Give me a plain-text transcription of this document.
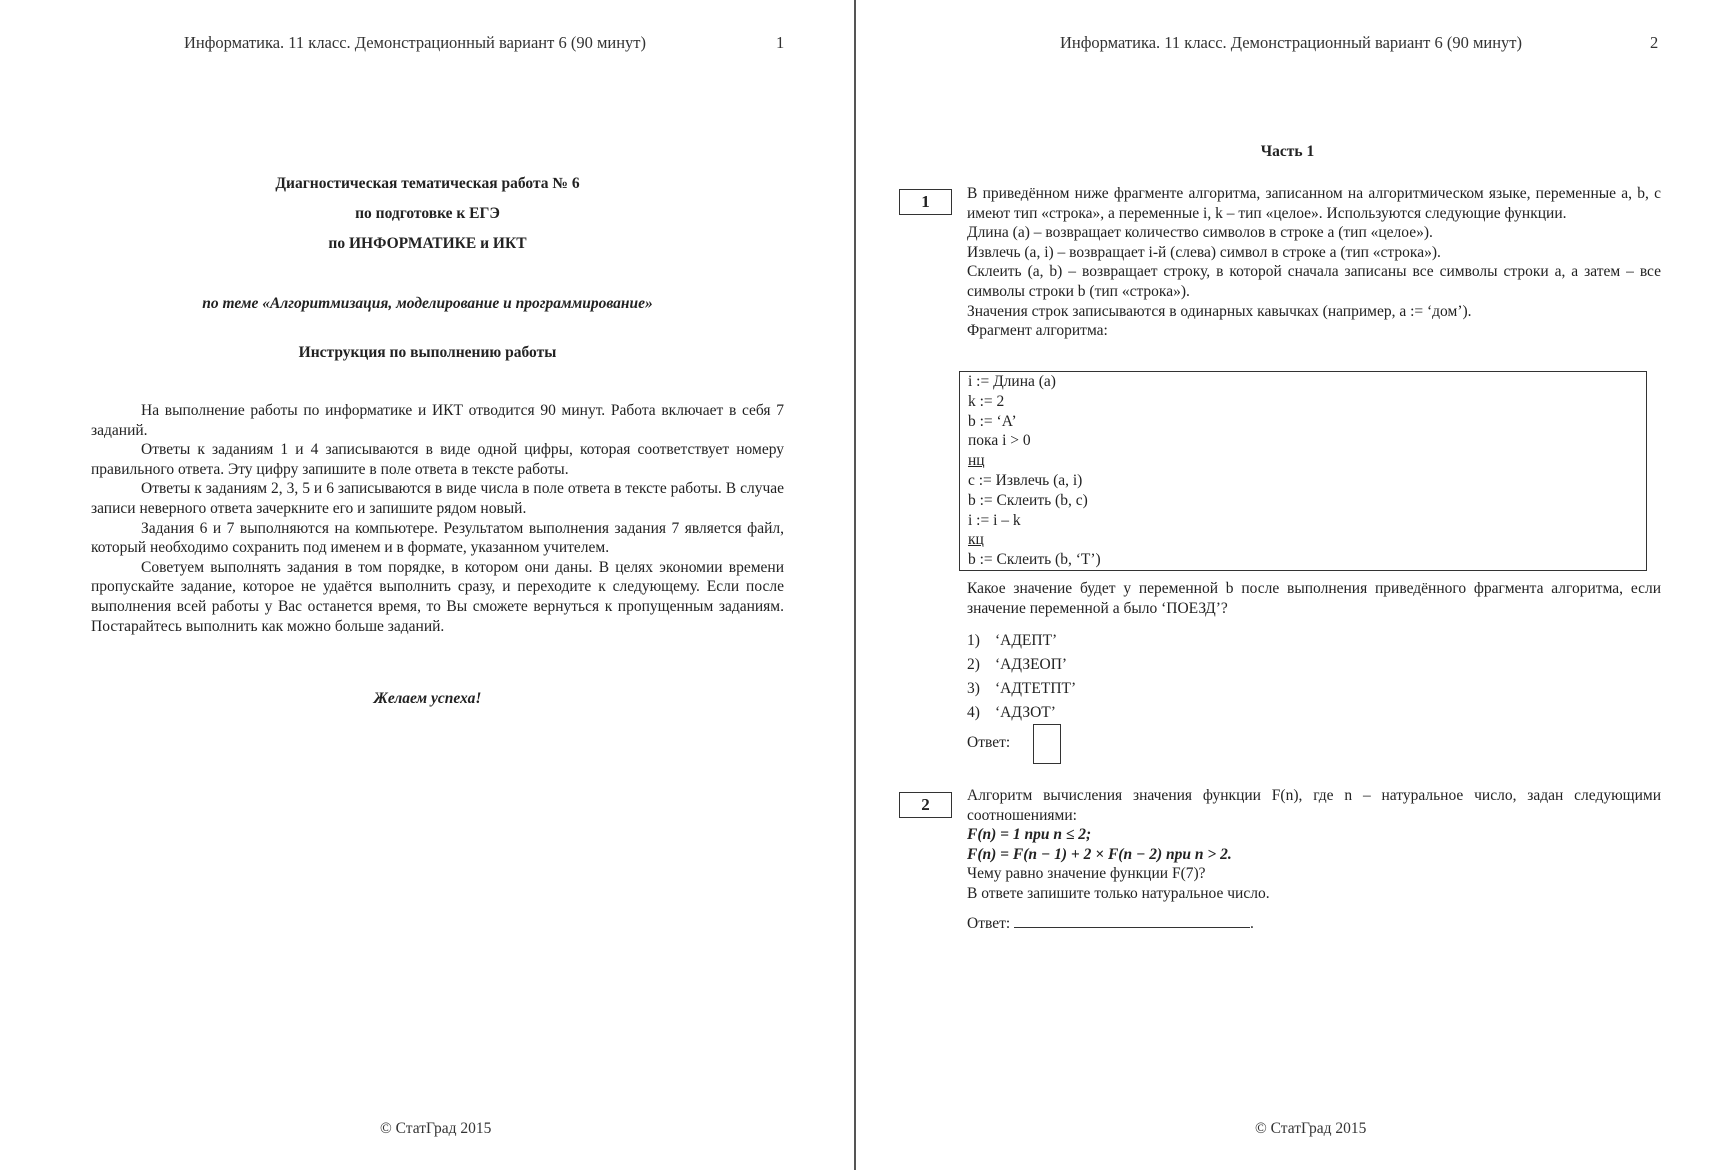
Информатика. 11 класс. Демонстрационный вариант 6 (90 минут)	1
Диагностическая тематическая работа № 6
по подготовке к ЕГЭ
по ИНФОРМАТИКЕ и ИКТ
по теме «Алгоритмизация, моделирование и программирование»
Инструкция по выполнению работы

На выполнение работы по информатике и ИКТ отводится 90 минут. Работа включает в себя 7 заданий.

Ответы к заданиям 1 и 4 записываются в виде одной цифры, которая соответствует номеру правильного ответа. Эту цифру запишите в поле ответа в тексте работы.

Ответы к заданиям 2, 3, 5 и 6 записываются в виде числа в поле ответа в тексте работы. В случае записи неверного ответа зачеркните его и запишите рядом новый.

Задания 6 и 7 выполняются на компьютере. Результатом выполнения задания 7 является файл, который необходимо сохранить под именем и в формате, указанном учителем.

Советуем выполнять задания в том порядке, в котором они даны. В целях экономии времени пропускайте задание, которое не удаётся выполнить сразу, и переходите к следующему. Если после выполнения всей работы у Вас останется время, то Вы сможете вернуться к пропущенным заданиям. Постарайтесь выполнить как можно больше заданий.

Желаем успеха!
© СтатГрад 2015
Информатика. 11 класс. Демонстрационный вариант 6 (90 минут)	2
Часть 1
1	В приведённом ниже фрагменте алгоритма, записанном на алгоритмическом языке, переменные a, b, c имеют тип «строка», а переменные i, k – тип «целое». Используются следующие функции.

Длина (a) – возвращает количество символов в строке a (тип «целое»).

Извлечь (a, i) – возвращает i-й (слева) символ в строке a (тип «строка»).

Склеить (a, b) – возвращает строку, в которой сначала записаны все символы строки a, а затем – все символы строки b (тип «строка»).

Значения строк записываются в одинарных кавычках (например, a := ‘дом’).

Фрагмент алгоритма:

i := Длина (a)
k := 2
b := ‘А’
пока i > 0
нц
c := Извлечь (a, i)
b := Склеить (b, c)
i := i – k
кц
b := Склеить (b, ‘Т’)
Какое значение будет у переменной b после выполнения приведённого фрагмента алгоритма, если значение переменной a было ‘ПОЕЗД’?
1) ‘АДЕПТ’
2) ‘АДЗЕОП’
3) ‘АДТЕТПТ’
4) ‘АДЗОТ’
Ответ:
2	Алгоритм вычисления значения функции F(n), где n – натуральное число, задан следующими соотношениями:

F(n) = 1 при n ≤ 2;

F(n) = F(n − 1) + 2 × F(n − 2) при n > 2.

Чему равно значение функции F(7)?

В ответе запишите только натуральное число.

Ответ:	.
© СтатГрад 2015
